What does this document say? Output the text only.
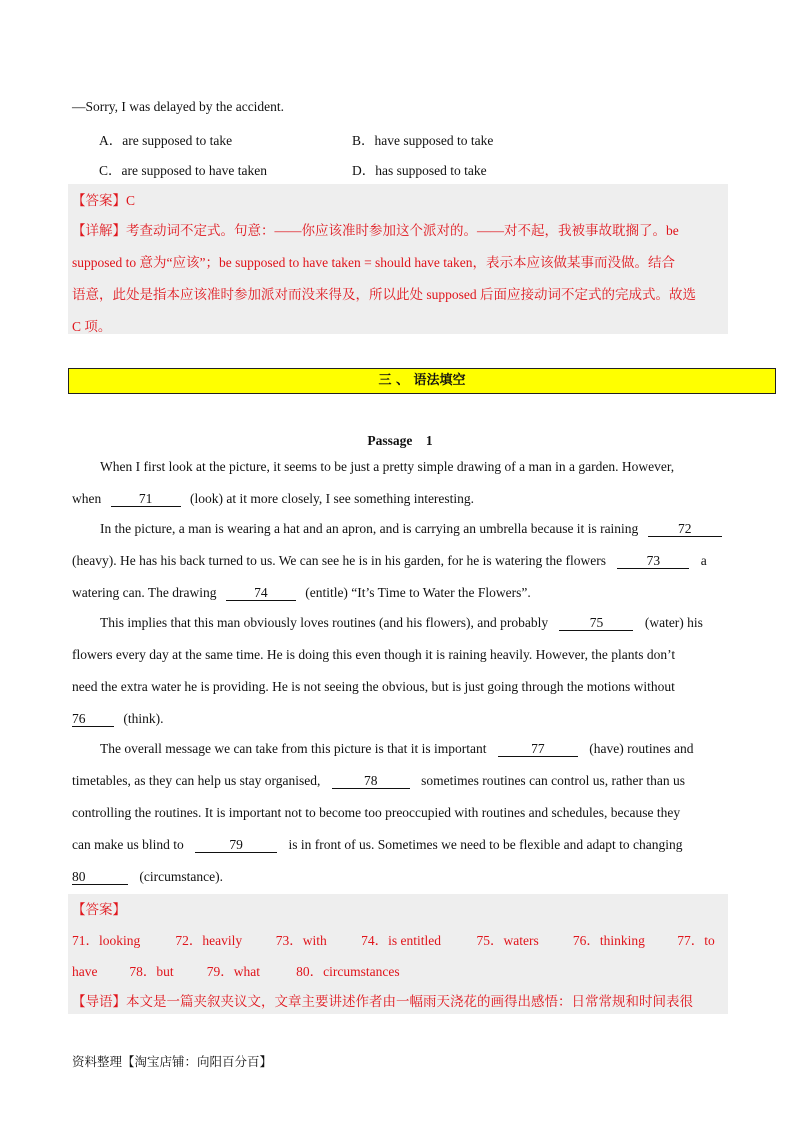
—Sorry, I was delayed by the accident.
A．are supposed to take	B．have supposed to take
C．are supposed to have taken	D．has supposed to take
【答案】C
【详解】考查动词不定式。句意：——你应该准时参加这个派对的。——对不起，我被事故耽搁了。be
supposed to 意为“应该”；be supposed to have taken = should have taken，表示本应该做某事而没做。结合
语意，此处是指本应该准时参加派对而没来得及，所以此处 supposed 后面应接动词不定式的完成式。故选
C 项。
三 、 语法填空
Passage　1
When I first look at the picture, it seems to be just a pretty simple drawing of a man in a garden. However,
when	71	(look) at it more closely, I see something interesting.
In the picture, a man is wearing a hat and an apron, and is carrying an umbrella because it is raining	72
(heavy). He has his back turned to us. We can see he is in his garden, for he is watering the flowers	73	a
watering can. The drawing	74	(entitle) “It’s Time to Water the Flowers”.
This implies that this man obviously loves routines (and his flowers), and probably	75	(water) his
flowers every day at the same time. He is doing this even though it is raining heavily. However, the plants don’t
need the extra water he is providing. He is not seeing the obvious, but is just going through the motions without
76	(think).
The overall message we can take from this picture is that it is important	77	(have) routines and
timetables, as they can help us stay organised,	78	sometimes routines can control us, rather than us
controlling the routines. It is important not to become too preoccupied with routines and schedules, because they
can make us blind to	79	is in front of us. Sometimes we need to be flexible and adapt to changing
80	(circumstance).
【答案】
71．looking	72．heavily 73．with	74．is entitled	75．waters	76．thinking 77．to
have 78．but 79．what	80．circumstances
【导语】本文是一篇夹叙夹议文，文章主要讲述作者由一幅雨天浇花的画得出感悟：日常常规和时间表很
资料整理【淘宝店铺：向阳百分百】
